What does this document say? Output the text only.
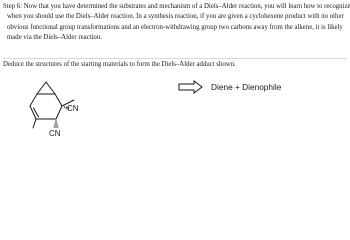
Step 6: Now that you have determined the substrates and mechanism of a Diels–Alder reaction, you will learn how to recognize when you should use the Diels–Alder reaction. In a synthesis reaction, if you are given a cyclohexene product with no other obvious functional group transformations and an electron-withdrawing group two carbons away from the alkene, it is likely made via the Diels–Alder reaction.

Deduce the structures of the starting materials to form the Diels–Alder adduct shown.

CN
CN
Diene + Dienophile
